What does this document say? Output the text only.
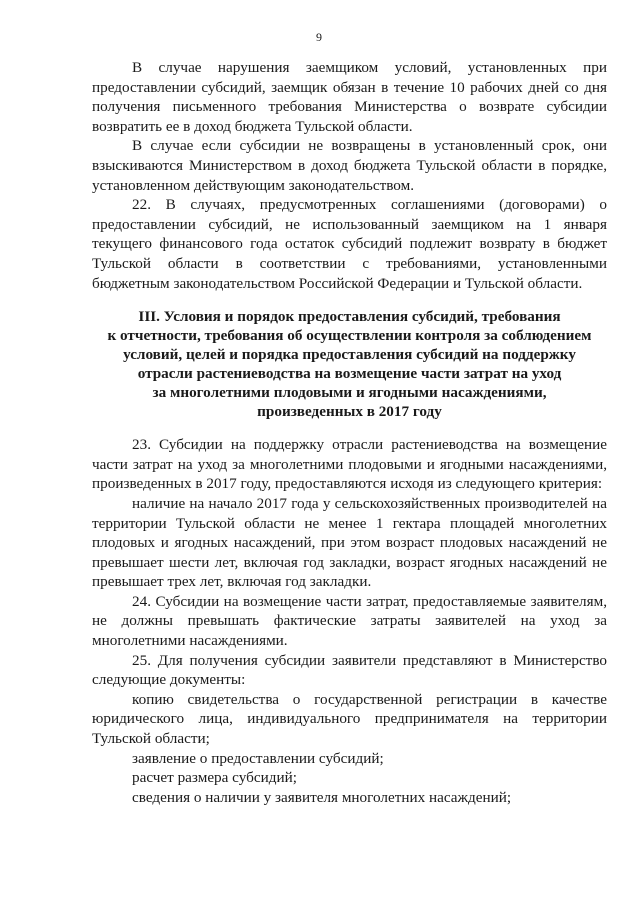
9

В случае нарушения заемщиком условий, установленных при предоставлении субсидий, заемщик обязан в течение 10 рабочих дней со дня получения письменного требования Министерства о возврате субсидии возвратить ее в доход бюджета Тульской области.

В случае если субсидии не возвращены в установленный срок, они взыскиваются Министерством в доход бюджета Тульской области в порядке, установленном действующим законодательством.

22. В случаях, предусмотренных соглашениями (договорами) о предоставлении субсидий, не использованный заемщиком на 1 января текущего финансового года остаток субсидий подлежит возврату в бюджет Тульской области в соответствии с требованиями, установленными бюджетным законодательством Российской Федерации и Тульской области.

III. Условия и порядок предоставления субсидий, требования
к отчетности, требования об осуществлении контроля за соблюдением
условий, целей и порядка предоставления субсидий на поддержку
отрасли растениеводства на возмещение части затрат на уход
за многолетними плодовыми и ягодными насаждениями,
произведенных в 2017 году

23. Субсидии на поддержку отрасли растениеводства на возмещение части затрат на уход за многолетними плодовыми и ягодными насаждениями, произведенных в 2017 году, предоставляются исходя из следующего критерия:

наличие на начало 2017 года у сельскохозяйственных производителей на территории Тульской области не менее 1 гектара площадей многолетних плодовых и ягодных насаждений, при этом возраст плодовых насаждений не превышает шести лет, включая год закладки, возраст ягодных насаждений не превышает трех лет, включая год закладки.

24. Субсидии на возмещение части затрат, предоставляемые заявителям, не должны превышать фактические затраты заявителей на уход за многолетними насаждениями.

25. Для получения субсидии заявители представляют в Министерство следующие документы:

копию свидетельства о государственной регистрации в качестве юридического лица, индивидуального предпринимателя на территории Тульской области;

заявление о предоставлении субсидий;

расчет размера субсидий;

сведения о наличии у заявителя многолетних насаждений;
